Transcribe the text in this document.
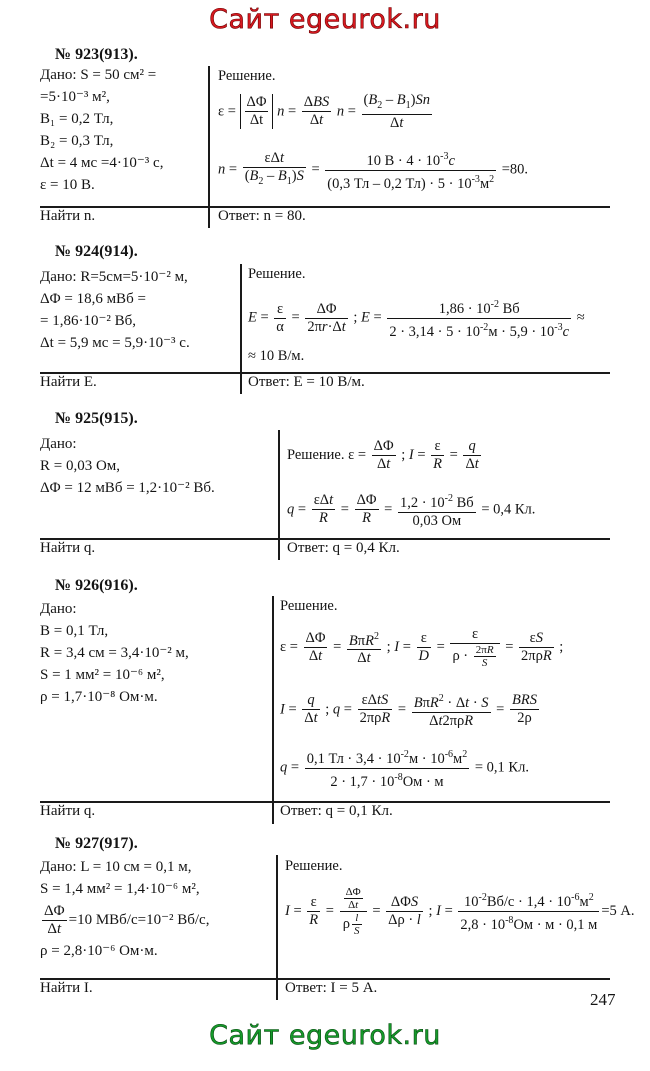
Сайт egeurok.ru
Сайт egeurok.ru
№ 923(913).
Дано: S = 50 см² =
=5·10⁻³ м²,
B₁ = 0,2 Тл,
B₂ = 0,3 Тл,
Δt = 4 мс =4·10⁻³ с,
ε = 10 В.
Решение.
$\varepsilon = \frac{\Delta\Phi}{\Delta t}$ $n = \frac{\text{ΔBS}}{\Delta t}$ $n = \frac{(B_2 - B_1)Sn}{\Delta t}$
$n = \frac{\text{εΔt}}{(B_2 - B_1)S} = \frac{10 В \cdot 4 \cdot 10^{-3}с}{(0,3 Тл - 0,2 Тл) \cdot 5 \cdot 10^{-3}м^2} =80$.
Найти n.	Ответ: n = 80.
№ 924(914).
Дано: R=5см=5·10⁻² м,
ΔΦ = 18,6 мВб =
= 1,86·10⁻² Вб,
Δt = 5,9 мс = 5,9·10⁻³ с.
Решение.
$E = \frac{\varepsilon}{\alpha} = \frac{\Delta\Phi}{2\pi r\cdot\Delta t}$ ; $E = \frac{1,86 \cdot 10^{-2} Вб}{2 \cdot 3,14 \cdot 5 \cdot 10^{-2}м \cdot 5,9 \cdot 10^{-3}с}$ ≈
≈ 10 В/м.
Найти E.	Ответ: E = 10 В/м.
№ 925(915).
Дано:
R = 0,03 Ом,
ΔΦ = 12 мВб = 1,2·10⁻² Вб.
Решение. $\varepsilon = \frac{\Delta\Phi}{\Delta t}$ ; $I = \frac{\varepsilon}{R} = \frac{q}{\Delta t}$
$q = \frac{\text{εΔt}}{R} = \frac{\Delta\Phi}{R} = \frac{1,2 \cdot 10^{-2} Вб}{0,03 Ом} = 0,4$ Кл.
Найти q.	Ответ: q = 0,4 Кл.
№ 926(916).
Дано:
B = 0,1 Тл,
R = 3,4 см = 3,4·10⁻² м,
S = 1 мм² = 10⁻⁶ м²,
ρ = 1,7·10⁻⁸ Ом·м.
Решение.
$\varepsilon = \frac{\Delta\Phi}{\Delta t} = \frac{B\pi R^2}{\Delta t}$ ; $I = \frac{\varepsilon}{D} = \frac{\varepsilon}{\rho \cdot \frac{2\pi R}{S}} = \frac{\varepsilon S}{\text{2πρR}}$ ;
$I = \frac{q}{\Delta t}$ ; $q = \frac{\text{εΔtS}}{\text{2πρR}} = \frac{B\pi R^2 \cdot \Delta t \cdot S}{\text{Δt2πρR}} = \frac{\text{BRS}}{2\rho}$
$q = \frac{0,1 Тл \cdot 3,4 \cdot 10^{-2}м \cdot 10^{-6}м^2}{2 \cdot 1,7 \cdot 10^{-8}Ом \cdot м} = 0,1$ Кл.
Найти q.	Ответ: q = 0,1 Кл.
№ 927(917).
Дано: L = 10 см = 0,1 м,
S = 1,4 мм² = 1,4·10⁻⁶ м²,
$\frac{\Delta\Phi}{\Delta t} =10$ МВб/с=10⁻² Вб/с,
ρ = 2,8·10⁻⁶ Ом·м.
Решение.
$I = \frac{\varepsilon}{R} = \frac{\frac{\Delta\Phi}{\Delta t}}{\rho \frac{l}{S}} = \frac{\text{ΔΦS}}{\Delta\rho \cdot l}$ ; $I = \frac{10^{-2}Вб/с \cdot 1,4 \cdot 10^{-6}м^2}{2,8 \cdot 10^{-8}Ом \cdot м \cdot 0,1 м} =5$ А.
Найти I.	Ответ: I = 5 А.
247
